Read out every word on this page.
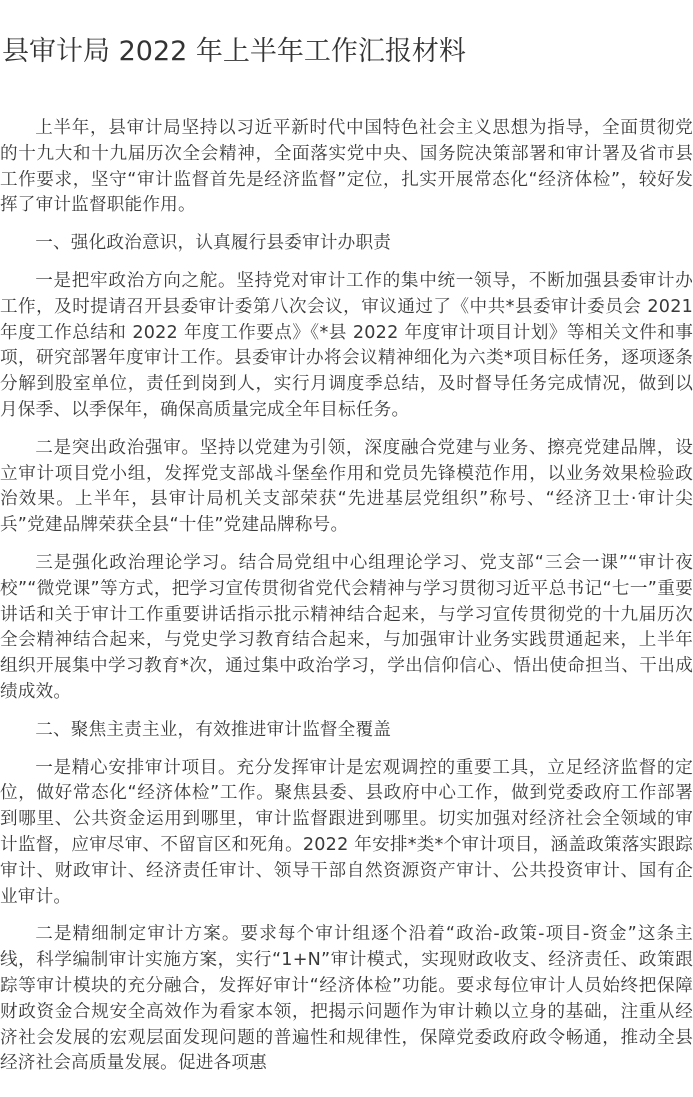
县审计局 2022 年上半年工作汇报材料

上半年，县审计局坚持以习近平新时代中国特色社会主义思想为指导，全面贯彻党的十九大和十九届历次全会精神，全面落实党中央、国务院决策部署和审计署及省市县工作要求，坚守“审计监督首先是经济监督”定位，扎实开展常态化“经济体检”，较好发挥了审计监督职能作用。

一、强化政治意识，认真履行县委审计办职责

一是把牢政治方向之舵。坚持党对审计工作的集中统一领导，不断加强县委审计办工作，及时提请召开县委审计委第八次会议，审议通过了《中共*县委审计委员会 2021 年度工作总结和 2022 年度工作要点》《*县 2022 年度审计项目计划》等相关文件和事项，研究部署年度审计工作。县委审计办将会议精神细化为六类*项目标任务，逐项逐条分解到股室单位，责任到岗到人，实行月调度季总结，及时督导任务完成情况，做到以月保季、以季保年，确保高质量完成全年目标任务。

二是突出政治强审。坚持以党建为引领，深度融合党建与业务、擦亮党建品牌，设立审计项目党小组，发挥党支部战斗堡垒作用和党员先锋模范作用，以业务效果检验政治效果。上半年，县审计局机关支部荣获“先进基层党组织”称号、“经济卫士·审计尖兵”党建品牌荣获全县“十佳”党建品牌称号。

三是强化政治理论学习。结合局党组中心组理论学习、党支部“三会一课”“审计夜校”“微党课”等方式，把学习宣传贯彻省党代会精神与学习贯彻习近平总书记“七一”重要讲话和关于审计工作重要讲话指示批示精神结合起来，与学习宣传贯彻党的十九届历次全会精神结合起来，与党史学习教育结合起来，与加强审计业务实践贯通起来，上半年组织开展集中学习教育*次，通过集中政治学习，学出信仰信心、悟出使命担当、干出成绩成效。

二、聚焦主责主业，有效推进审计监督全覆盖

一是精心安排审计项目。充分发挥审计是宏观调控的重要工具，立足经济监督的定位，做好常态化“经济体检”工作。聚焦县委、县政府中心工作，做到党委政府工作部署到哪里、公共资金运用到哪里，审计监督跟进到哪里。切实加强对经济社会全领域的审计监督，应审尽审、不留盲区和死角。2022 年安排*类*个审计项目，涵盖政策落实跟踪审计、财政审计、经济责任审计、领导干部自然资源资产审计、公共投资审计、国有企业审计。

二是精细制定审计方案。要求每个审计组逐个沿着“政治-政策-项目-资金”这条主线，科学编制审计实施方案，实行“1+N”审计模式，实现财政收支、经济责任、政策跟踪等审计模块的充分融合，发挥好审计“经济体检”功能。要求每位审计人员始终把保障财政资金合规安全高效作为看家本领，把揭示问题作为审计赖以立身的基础，注重从经济社会发展的宏观层面发现问题的普遍性和规律性，保障党委政府政令畅通，推动全县经济社会高质量发展。促进各项惠
